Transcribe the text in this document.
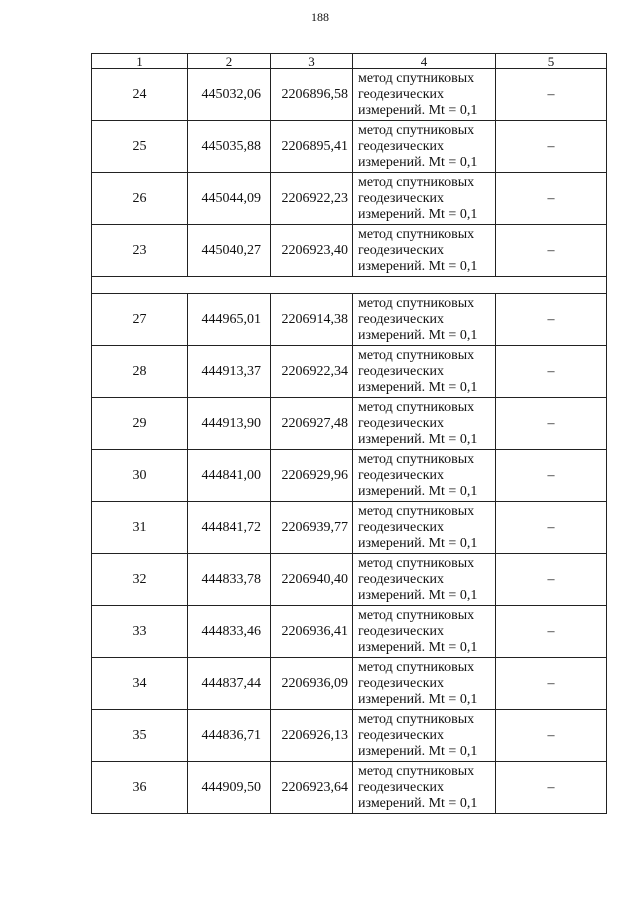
188
1	2	3	4	5
24	445032,06	2206896,58	метод спутниковых
геодезических
измерений. Mt = 0,1	–
25	445035,88	2206895,41	метод спутниковых
геодезических
измерений. Mt = 0,1	–
26	445044,09	2206922,23	метод спутниковых
геодезических
измерений. Mt = 0,1	–
23	445040,27	2206923,40	метод спутниковых
геодезических
измерений. Mt = 0,1	–

27	444965,01	2206914,38	метод спутниковых
геодезических
измерений. Mt = 0,1	–
28	444913,37	2206922,34	метод спутниковых
геодезических
измерений. Mt = 0,1	–
29	444913,90	2206927,48	метод спутниковых
геодезических
измерений. Mt = 0,1	–
30	444841,00	2206929,96	метод спутниковых
геодезических
измерений. Mt = 0,1	–
31	444841,72	2206939,77	метод спутниковых
геодезических
измерений. Mt = 0,1	–
32	444833,78	2206940,40	метод спутниковых
геодезических
измерений. Mt = 0,1	–
33	444833,46	2206936,41	метод спутниковых
геодезических
измерений. Mt = 0,1	–
34	444837,44	2206936,09	метод спутниковых
геодезических
измерений. Mt = 0,1	–
35	444836,71	2206926,13	метод спутниковых
геодезических
измерений. Mt = 0,1	–
36	444909,50	2206923,64	метод спутниковых
геодезических
измерений. Mt = 0,1	–
